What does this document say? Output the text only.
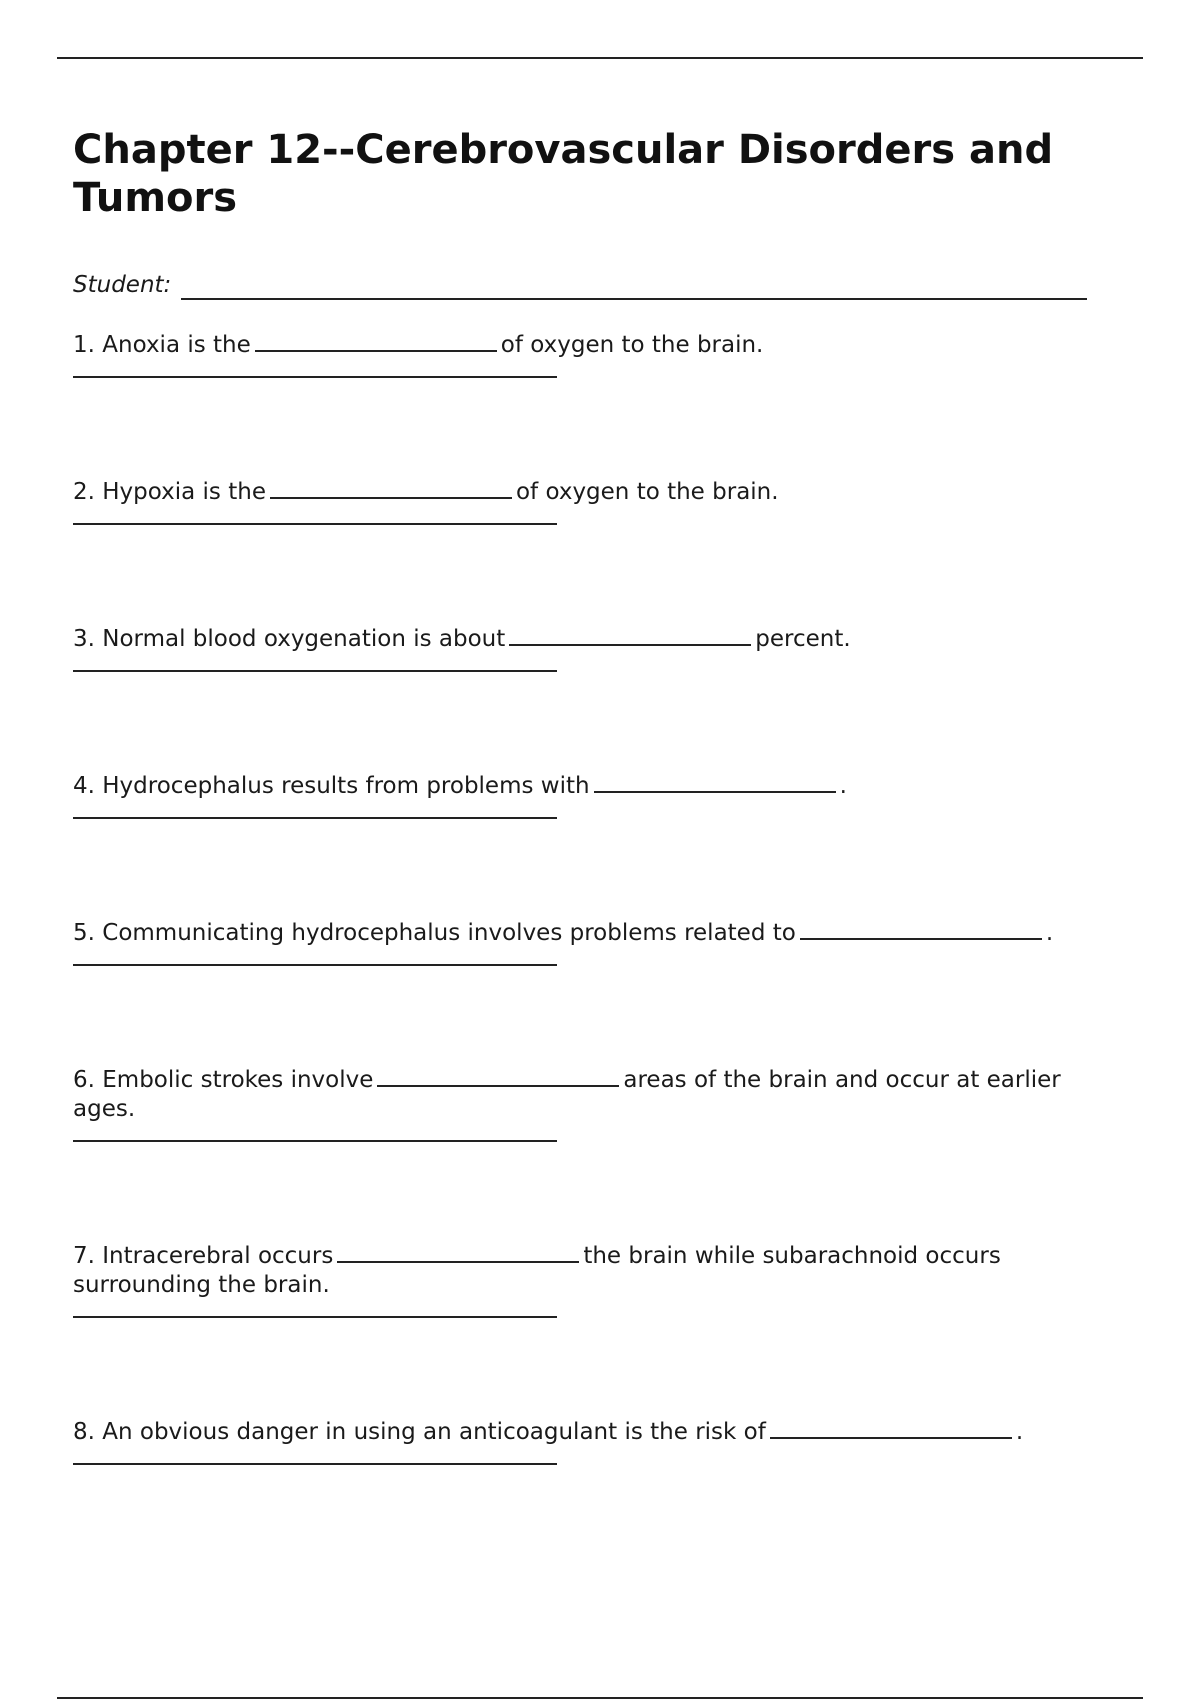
Chapter 12--Cerebrovascular Disorders and Tumors
Student:

1. Anoxia is the	of oxygen to the brain.

2. Hypoxia is the	of oxygen to the brain.

3. Normal blood oxygenation is about	percent.

4. Hydrocephalus results from problems with	.

5. Communicating hydrocephalus involves problems related to	.

6. Embolic strokes involve	areas of the brain and occur at earlier ages.

7. Intracerebral occurs	the brain while subarachnoid occurs surrounding the brain.

8. An obvious danger in using an anticoagulant is the risk of	.
